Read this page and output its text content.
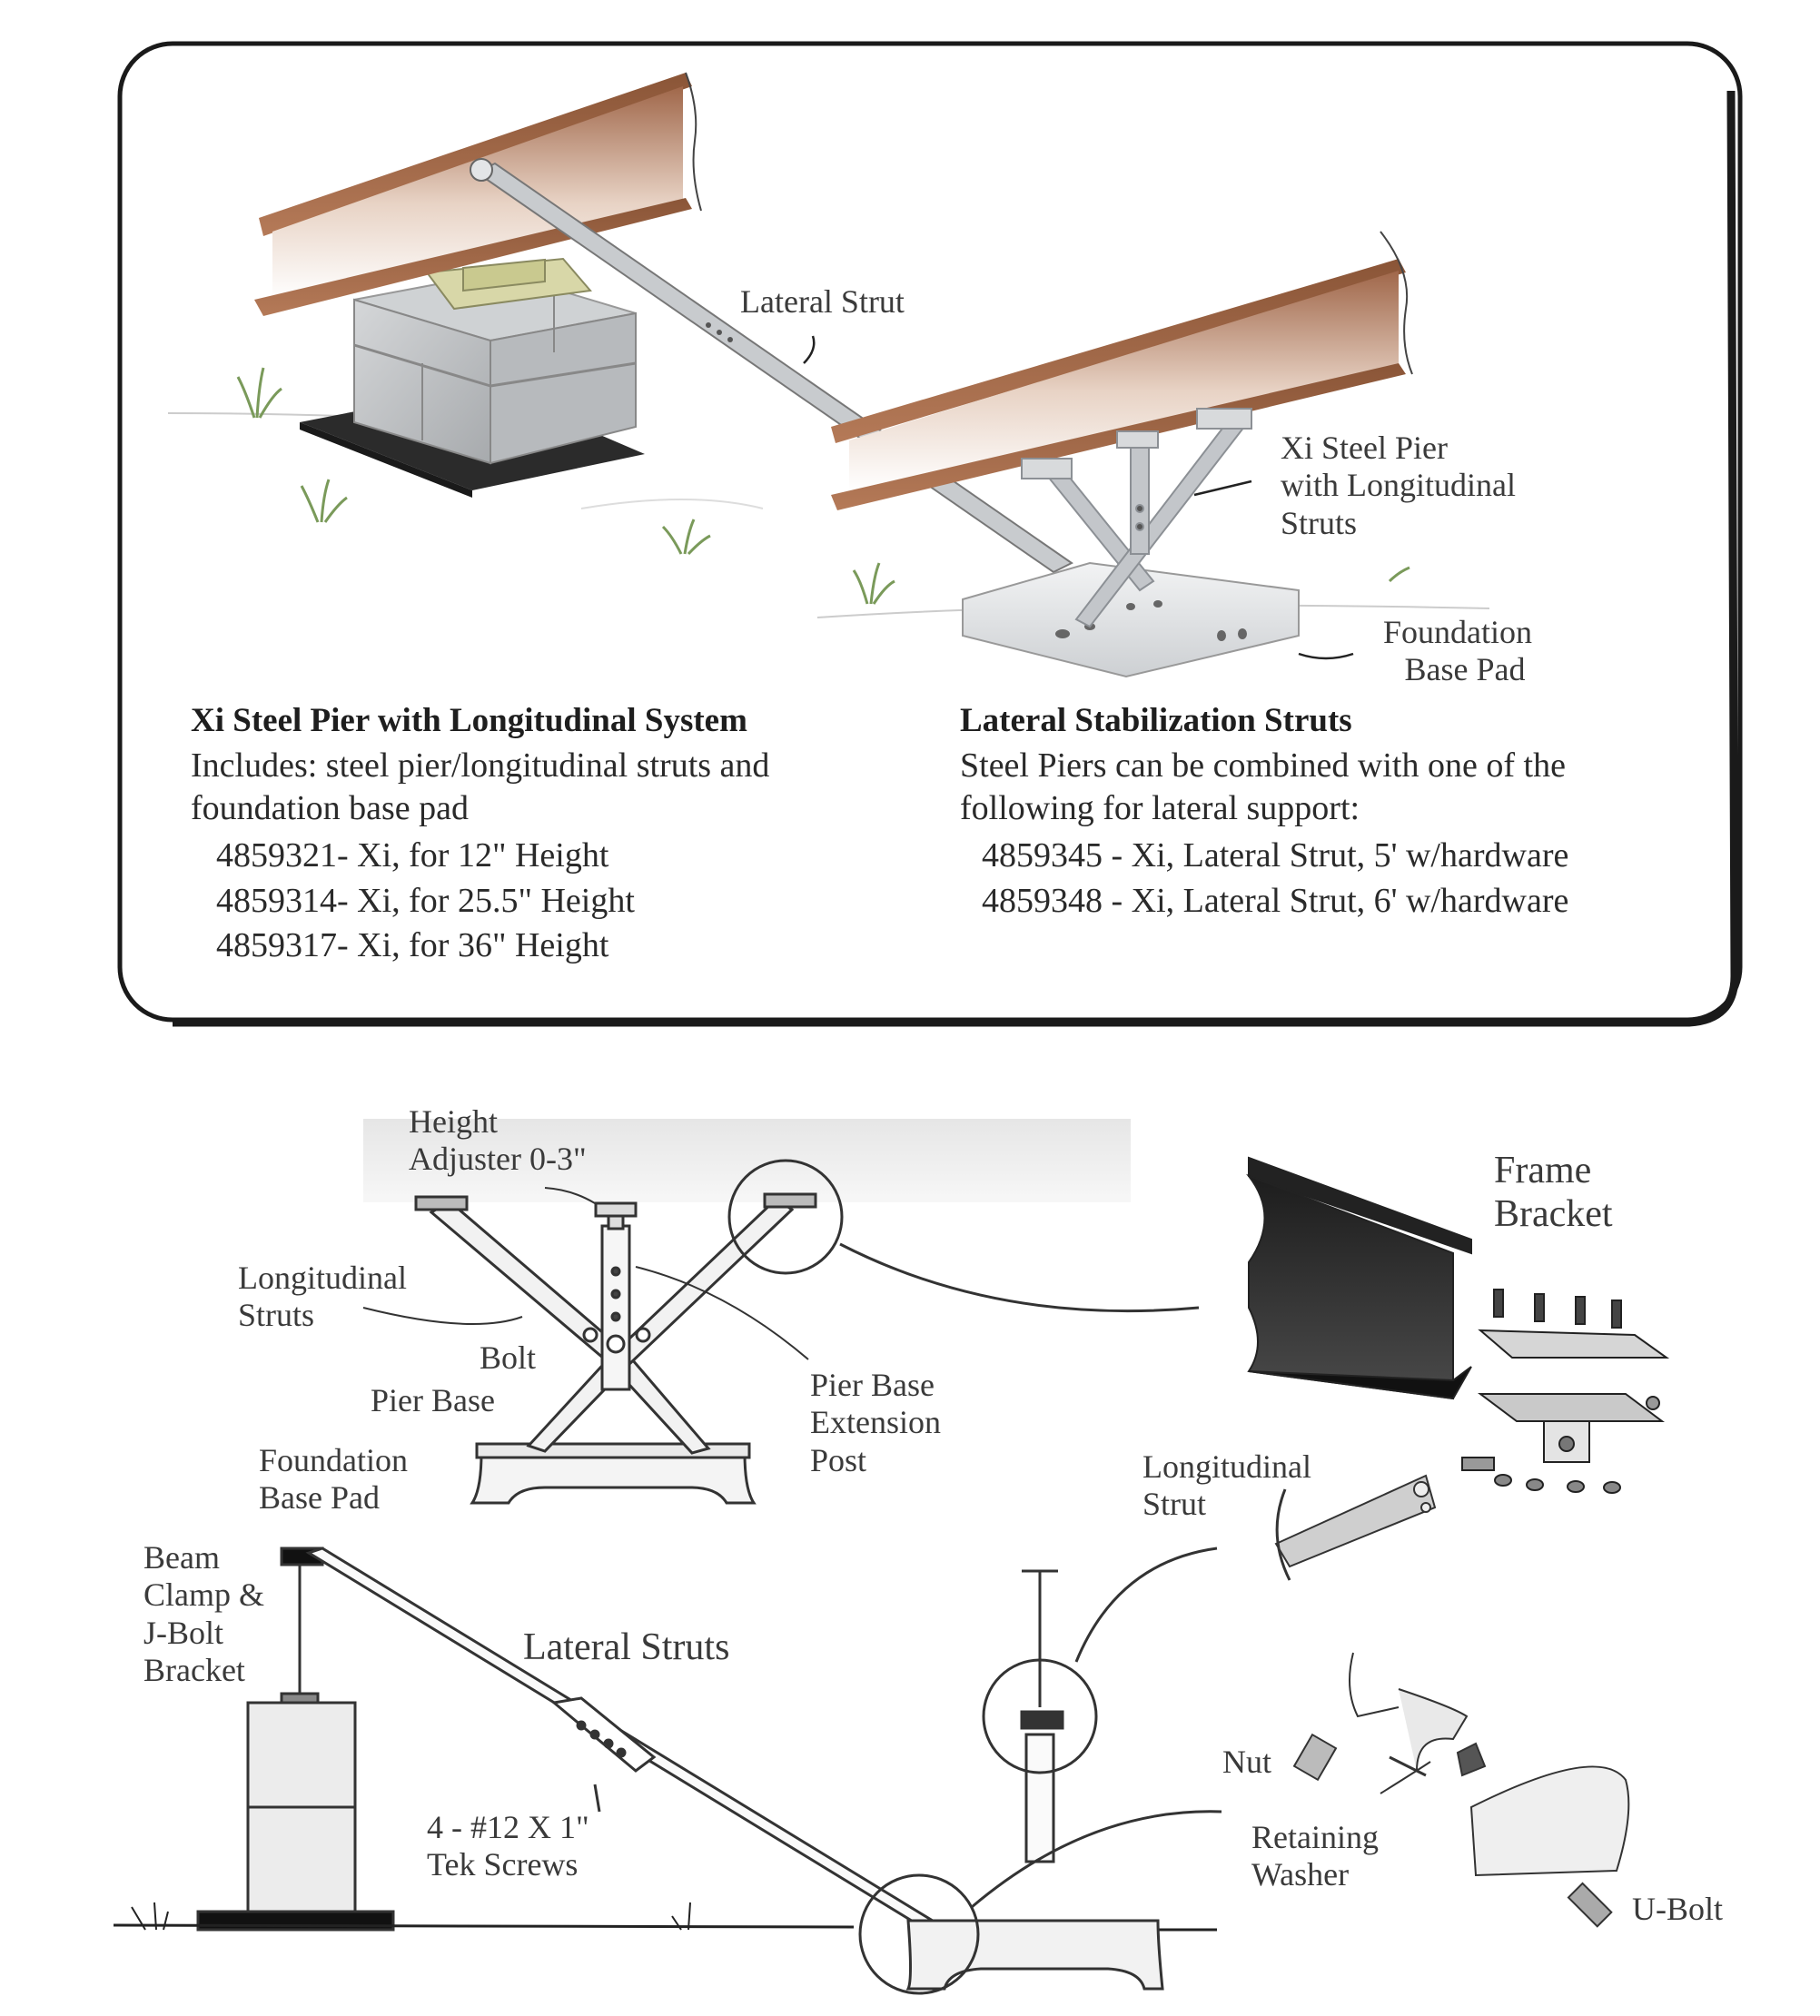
Lateral Strut
Xi Steel Pier
with Longitudinal
Struts
Foundation
Base Pad
Xi Steel Pier with Longitudinal System
Includes: steel pier/longitudinal struts and
foundation base pad
4859321- Xi, for 12" Height
4859314- Xi, for 25.5" Height
4859317- Xi, for 36" Height
Lateral Stabilization Struts
Steel Piers can be combined with one of the
following for lateral support:
4859345 - Xi, Lateral Strut, 5' w/hardware
4859348 - Xi, Lateral Strut, 6' w/hardware
Height
Adjuster 0-3"
Longitudinal
Struts
Bolt
Pier Base
Foundation
Base Pad
Pier Base
Extension
Post
Frame
Bracket
Longitudinal
Strut
Beam
Clamp &
J-Bolt
Bracket
Lateral Struts
4 - #12 X 1"
Tek Screws
Nut
Retaining
Washer
U-Bolt
